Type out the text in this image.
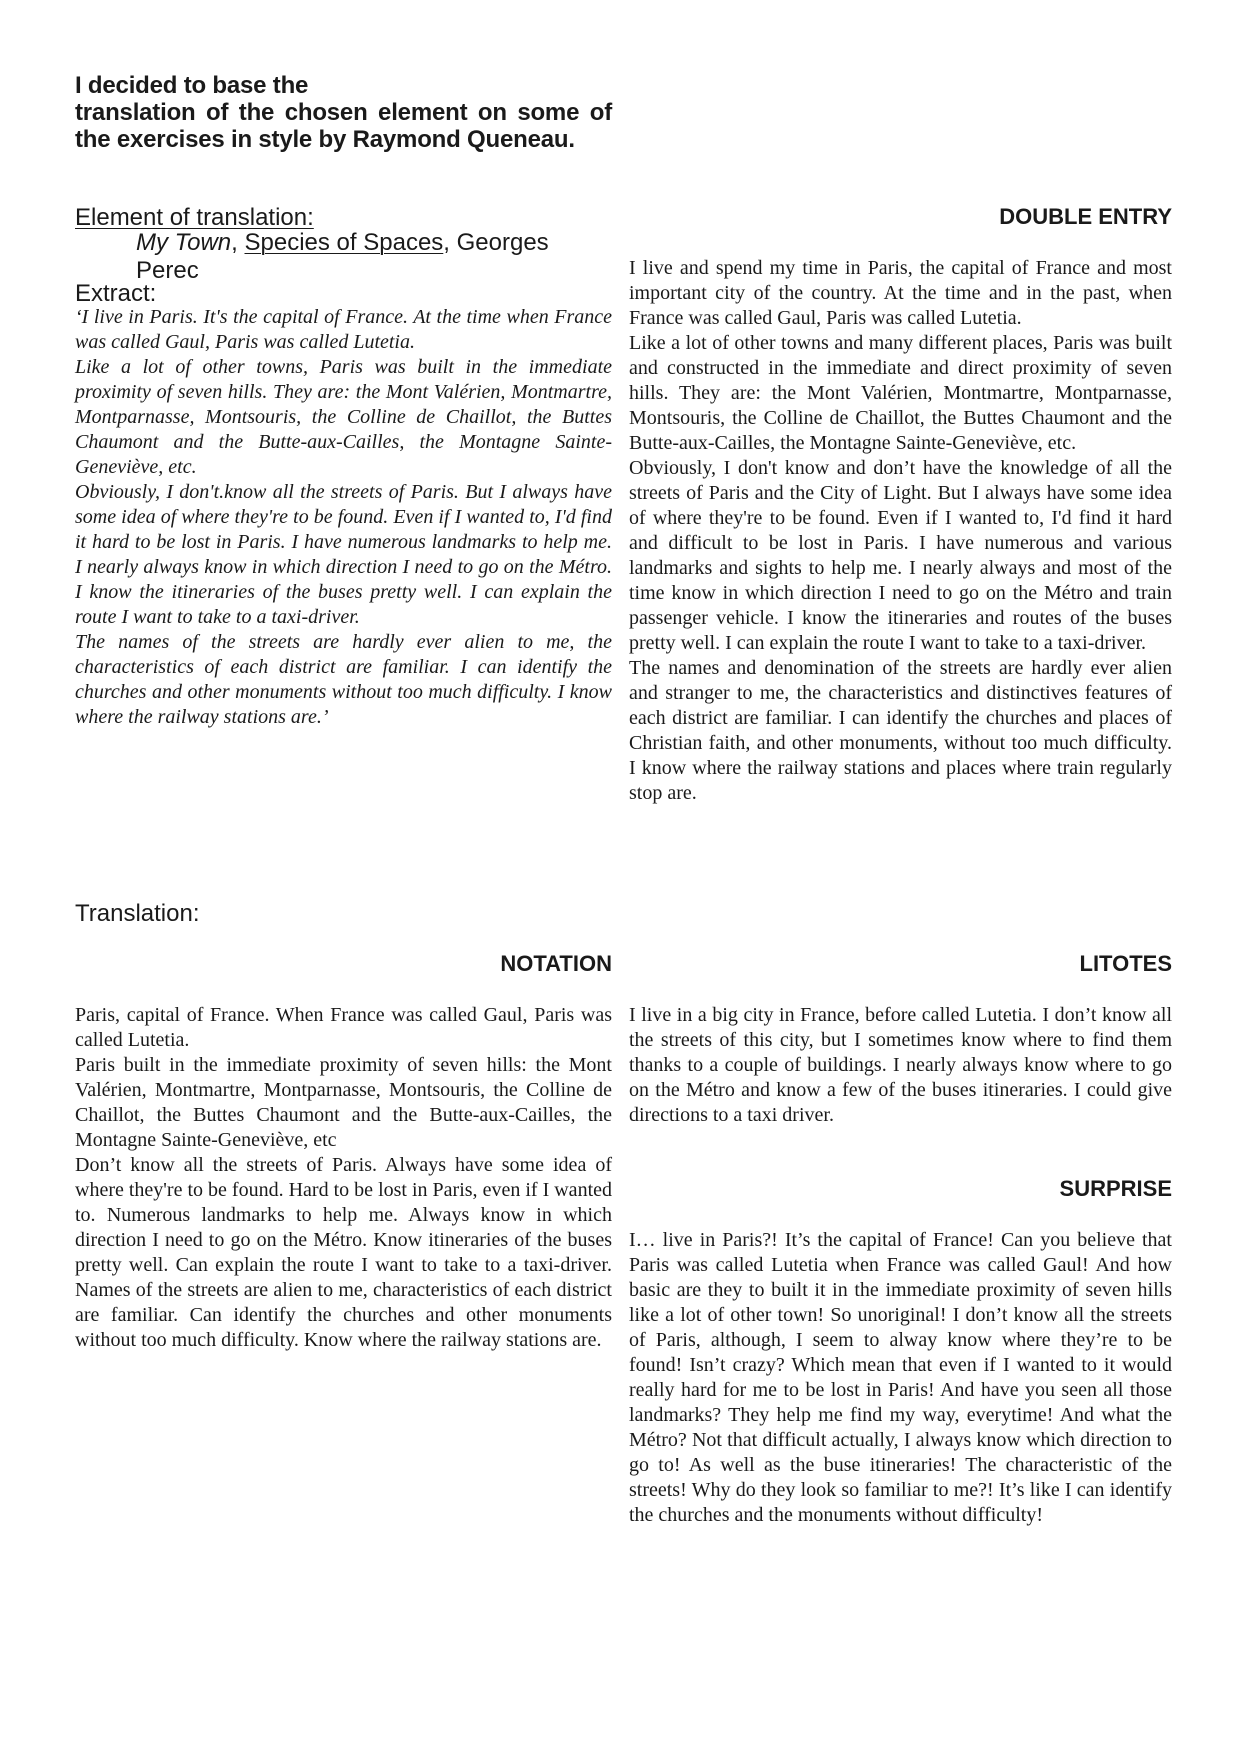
I decided to base the
translation of the chosen element on some of the exercises in style by Raymond Queneau.
Element of translation:
My Town, Species of Spaces, Georges Perec
Extract:

‘I live in Paris. It's the capital of France. At the time when France was called Gaul, Paris was called Lutetia.

Like a lot of other towns, Paris was built in the immediate proximity of seven hills. They are: the Mont Valérien, Montmartre, Montparnasse, Montsouris, the Colline de Chaillot, the Buttes Chaumont and the Butte-aux-Cailles, the Montagne Sainte-Geneviève, etc.

Obviously, I don't.know all the streets of Paris. But I always have some idea of where they're to be found. Even if I wanted to, I'd find it hard to be lost in Paris. I have numerous landmarks to help me. I nearly always know in which direction I need to go on the Métro. I know the itineraries of the buses pretty well. I can explain the route I want to take to a taxi-driver.

The names of the streets are hardly ever alien to me, the characteristics of each district are familiar. I can identify the churches and other monuments without too much difficulty. I know where the railway stations are.’

Translation:
DOUBLE ENTRY

I live and spend my time in Paris, the capital of France and most important city of the country. At the time and in the past, when France was called Gaul, Paris was called Lutetia.

Like a lot of other towns and many different places, Paris was built and constructed in the immediate and direct proximity of seven hills. They are: the Mont Valérien, Montmartre, Montparnasse, Montsouris, the Colline de Chaillot, the Buttes Chaumont and the Butte-aux-Cailles, the Montagne Sainte-Geneviève, etc.

Obviously, I don't know and don’t have the knowledge of all the streets of Paris and the City of Light. But I always have some idea of where they're to be found. Even if I wanted to, I'd find it hard and difficult to be lost in Paris. I have numerous and various landmarks and sights to help me. I nearly always and most of the time know in which direction I need to go on the Métro and train passenger vehicle. I know the itineraries and routes of the buses pretty well. I can explain the route I want to take to a taxi-driver.

The names and denomination of the streets are hardly ever alien and stranger to me, the characteristics and distinctives features of each district are familiar. I can identify the churches and places of Christian faith, and other monuments, without too much difficulty. I know where the railway stations and places where train regularly stop are.

NOTATION

Paris, capital of France. When France was called Gaul, Paris was called Lutetia.

Paris built in the immediate proximity of seven hills: the Mont Valérien, Montmartre, Montparnasse, Montsouris, the Colline de Chaillot, the Buttes Chaumont and the Butte-aux-Cailles, the Montagne Sainte-Geneviève, etc

Don’t know all the streets of Paris. Always have some idea of where they're to be found. Hard to be lost in Paris, even if I wanted to. Numerous landmarks to help me. Always know in which direction I need to go on the Métro. Know itineraries of the buses pretty well. Can explain the route I want to take to a taxi-driver. Names of the streets are alien to me, characteristics of each district are familiar. Can identify the churches and other monuments without too much difficulty. Know where the railway stations are.

LITOTES

I live in a big city in France, before called Lutetia. I don’t know all the streets of this city, but I sometimes know where to find them thanks to a couple of buildings. I nearly always know where to go on the Métro and know a few of the buses itineraries. I could give directions to a taxi driver.

SURPRISE

I… live in Paris?! It’s the capital of France! Can you believe that Paris was called Lutetia when France was called Gaul! And how basic are they to built it in the immediate proximity of seven hills like a lot of other town! So unoriginal! I don’t know all the streets of Paris, although, I seem to alway know where they’re to be found! Isn’t crazy? Which mean that even if I wanted to it would really hard for me to be lost in Paris! And have you seen all those landmarks? They help me find my way, everytime! And what the Métro? Not that difficult actually, I always know which direction to go to! As well as the buse itineraries! The characteristic of the streets! Why do they look so familiar to me?! It’s like I can identify the churches and the monuments without difficulty!
